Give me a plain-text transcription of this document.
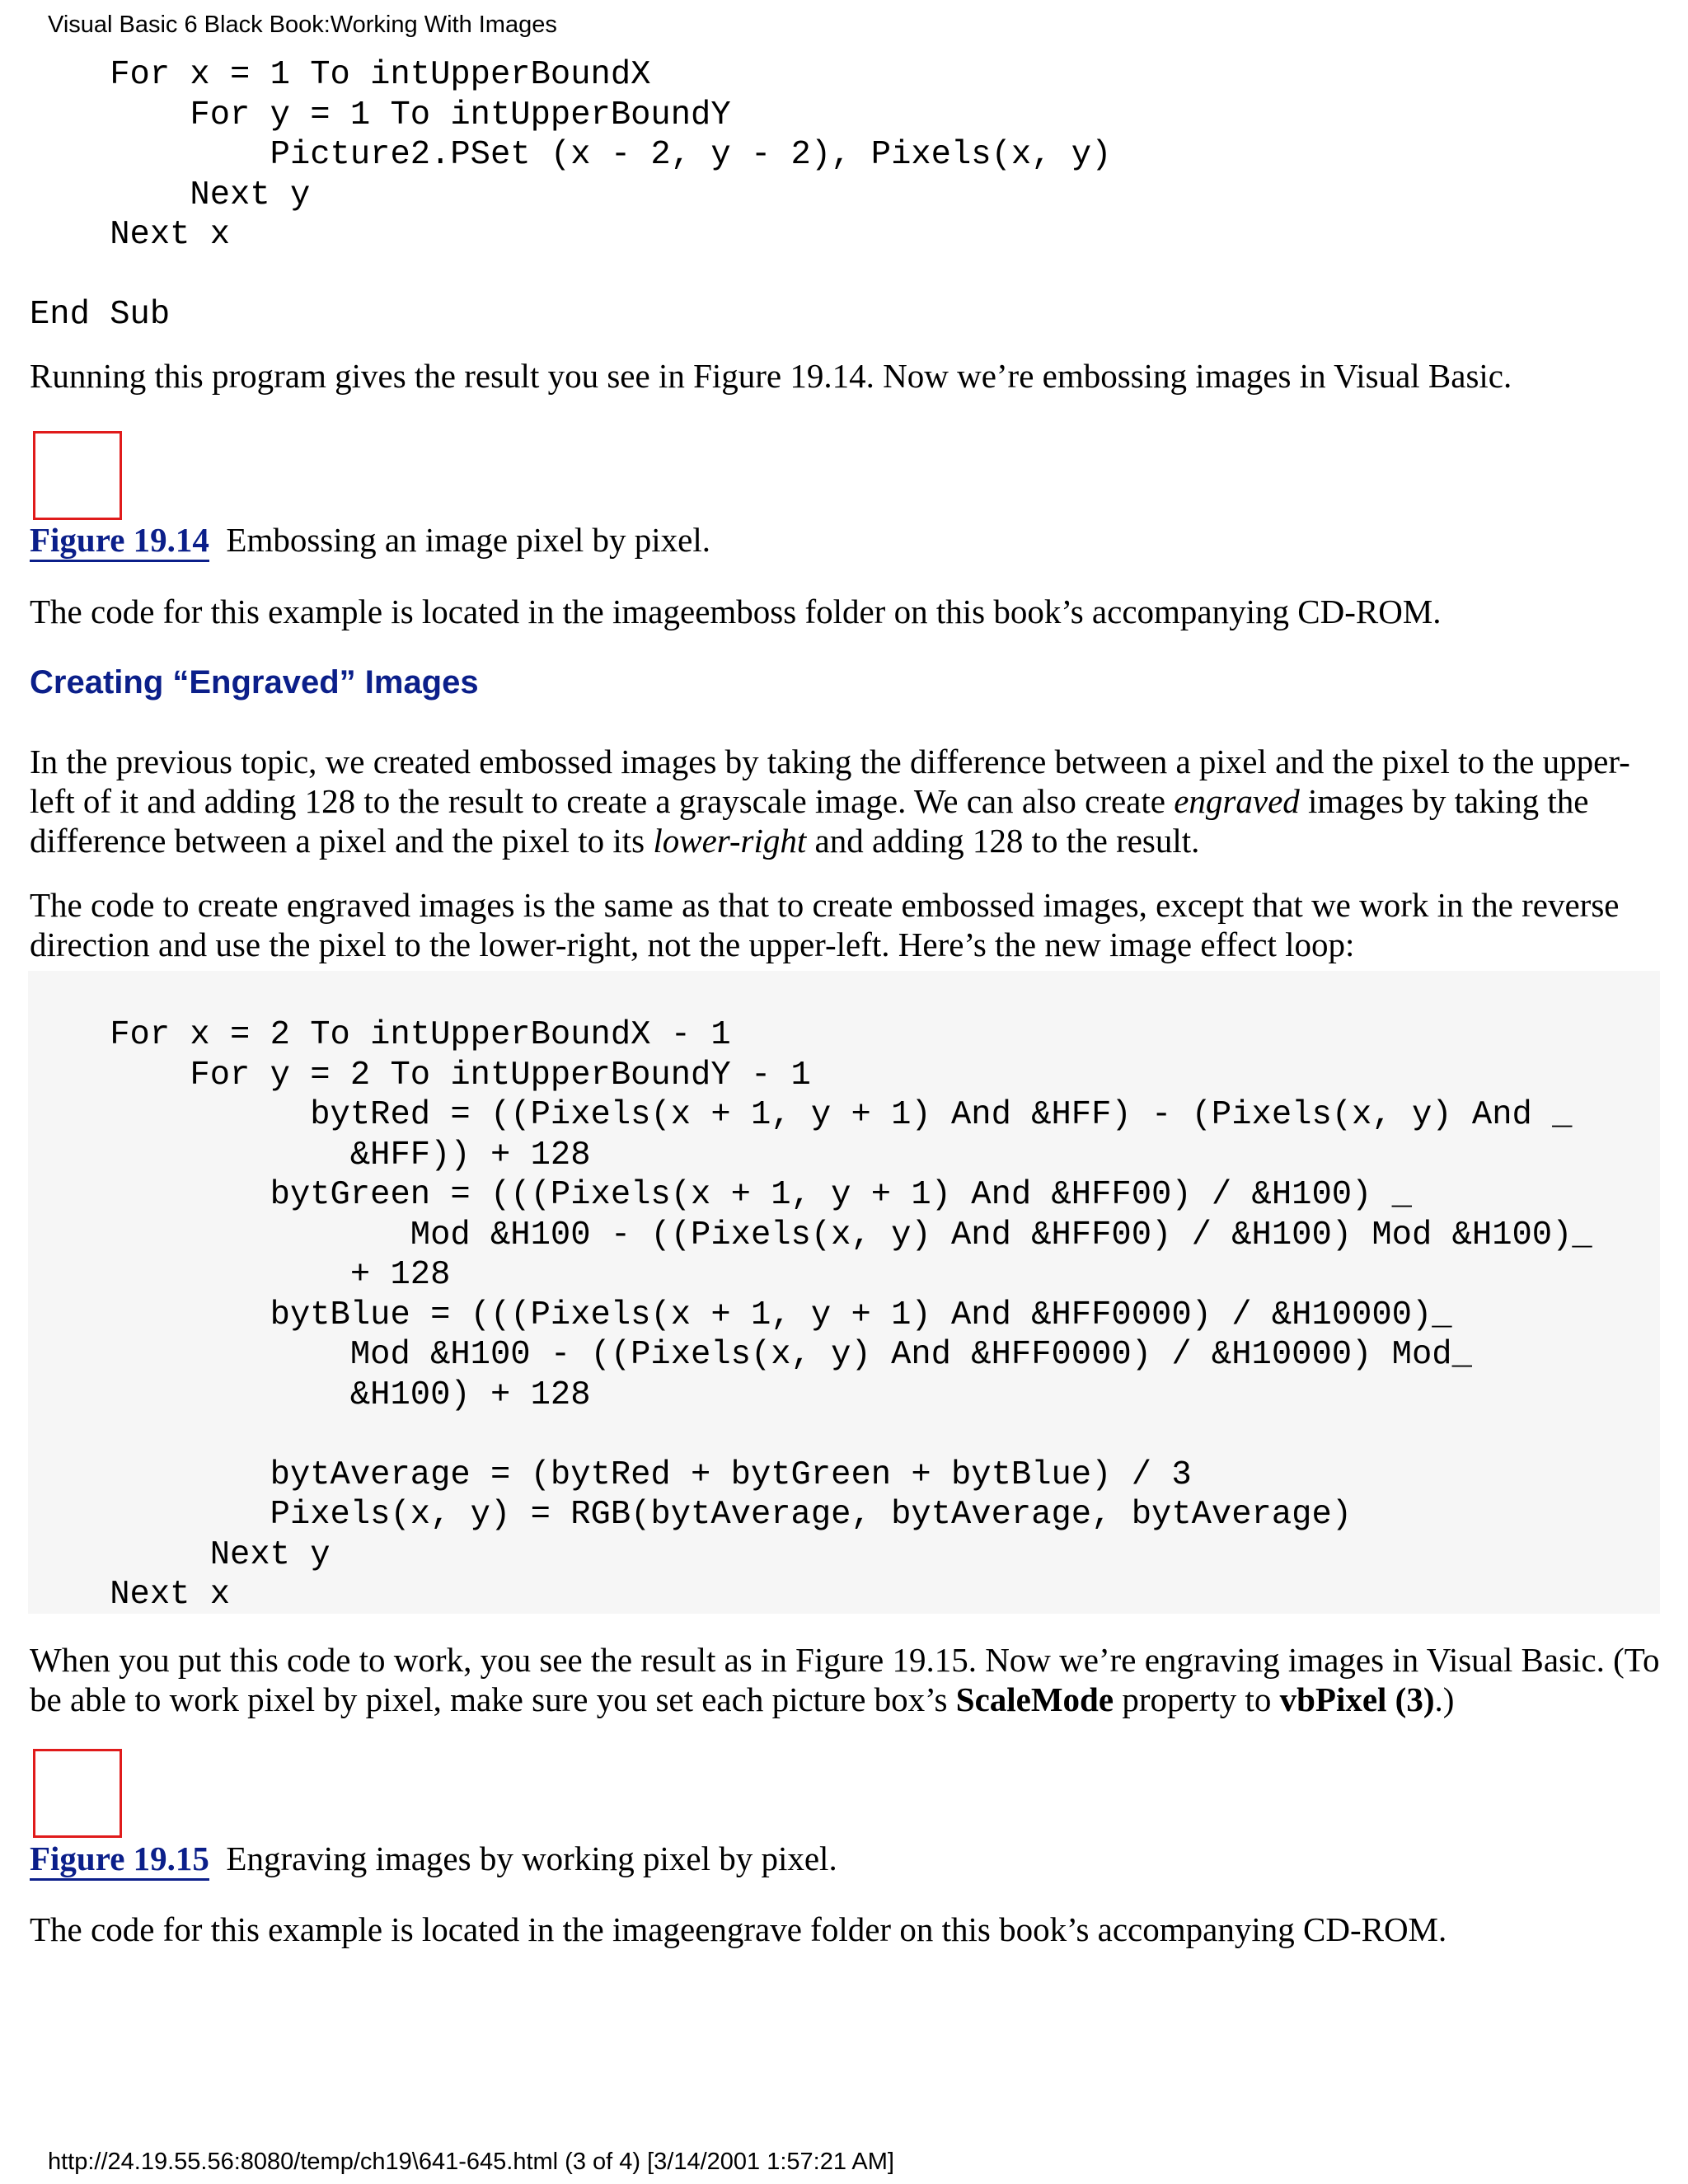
Visual Basic 6 Black Book:Working With Images
For x = 1 To intUpperBoundX
For y = 1 To intUpperBoundY
Picture2.PSet (x - 2, y - 2), Pixels(x, y)
Next y
Next x

End Sub

Running this program gives the result you see in Figure 19.14. Now we’re embossing images in Visual Basic.

Figure 19.14 Embossing an image pixel by pixel.

The code for this example is located in the imageemboss folder on this book’s accompanying CD-ROM.

Creating “Engraved” Images

In the previous topic, we created embossed images by taking the difference between a pixel and the pixel to the upper-left of it and adding 128 to the result to create a grayscale image. We can also create engraved images by taking the difference between a pixel and the pixel to its lower-right and adding 128 to the result.

The code to create engraved images is the same as that to create embossed images, except that we work in the reverse direction and use the pixel to the lower-right, not the upper-left. Here’s the new image effect loop:

For x = 2 To intUpperBoundX - 1
For y = 2 To intUpperBoundY - 1
bytRed = ((Pixels(x + 1, y + 1) And &HFF) - (Pixels(x, y) And _
&HFF)) + 128
bytGreen = (((Pixels(x + 1, y + 1) And &HFF00) / &H100) _
Mod &H100 - ((Pixels(x, y) And &HFF00) / &H100) Mod &H100)_
+ 128
bytBlue = (((Pixels(x + 1, y + 1) And &HFF0000) / &H10000)_
Mod &H100 - ((Pixels(x, y) And &HFF0000) / &H10000) Mod_
&H100) + 128

bytAverage = (bytRed + bytGreen + bytBlue) / 3
Pixels(x, y) = RGB(bytAverage, bytAverage, bytAverage)
Next y
Next x

When you put this code to work, you see the result as in Figure 19.15. Now we’re engraving images in Visual Basic. (To be able to work pixel by pixel, make sure you set each picture box’s ScaleMode property to vbPixel (3).)

Figure 19.15 Engraving images by working pixel by pixel.

The code for this example is located in the imageengrave folder on this book’s accompanying CD-ROM.

http://24.19.55.56:8080/temp/ch19\641-645.html (3 of 4) [3/14/2001 1:57:21 AM]
